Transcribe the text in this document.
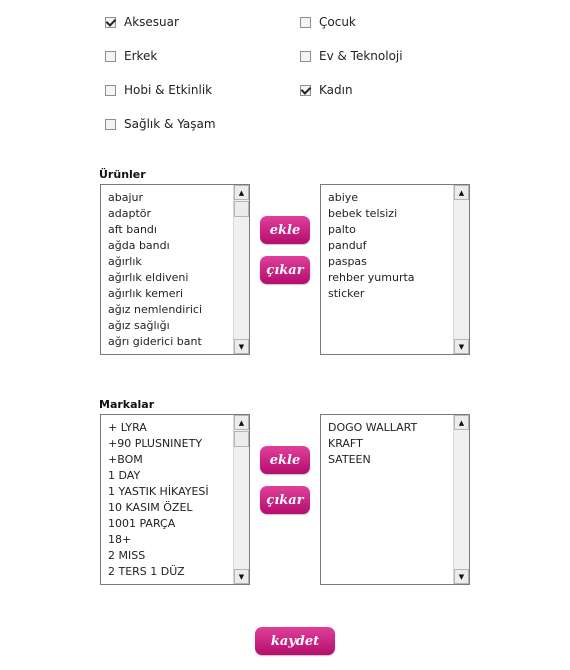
Aksesuar	Çocuk
Erkek	Ev & Teknoloji
Hobi & Etkinlik	Kadın
Sağlık & Yaşam
Ürünler
abajur
adaptör
aft bandı
ağda bandı
ağırlık
ağırlık eldiveni
ağırlık kemeri
ağız nemlendirici
ağız sağlığı
ağrı giderici bant
▲
▼
ekle
çıkar
abiye
bebek telsizi
palto
panduf
paspas
rehber yumurta
sticker
▲
▼
Markalar
+ LYRA
+90 PLUSNINETY
+BOM
1 DAY
1 YASTIK HİKAYESİ
10 KASIM ÖZEL
1001 PARÇA
18+
2 MISS
2 TERS 1 DÜZ
▲
▼
ekle
çıkar
DOGO WALLART
KRAFT
SATEEN
▲
▼
kaydet
